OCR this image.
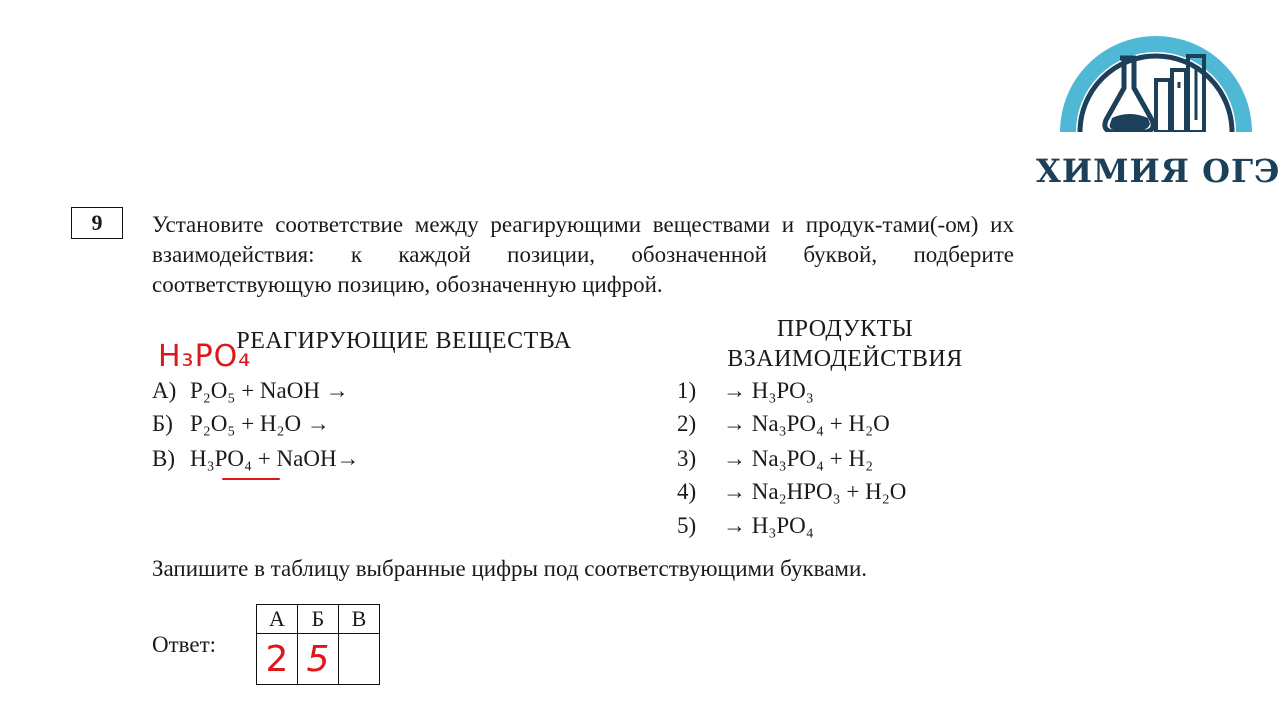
ХИМИЯ ОГЭ
9	Установите соответствие между реагирующими веществами и продук-тами(-ом) их взаимодействия: к каждой позиции, обозначенной буквой, подберите соответствующую позицию, обозначенную цифрой.
РЕАГИРУЮЩИЕ ВЕЩЕСТВА	ПРОДУКТЫ
ВЗАИМОДЕЙСТВИЯ
А) P₂O₅ + NaOH →
Б) P₂O₅ + H₂O →
В) H₃PO₄ + NaOH→
1) → H₃PO₃
2) → Na₃PO₄ + H₂O
3) → Na₃PO₄ + H₂
4) → Na₂HPO₃ + H₂O
5) → H₃PO₄
H₃PO₄
Запишите в таблицу выбранные цифры под соответствующими буквами.
Ответ:
А	Б	В
2	5	
